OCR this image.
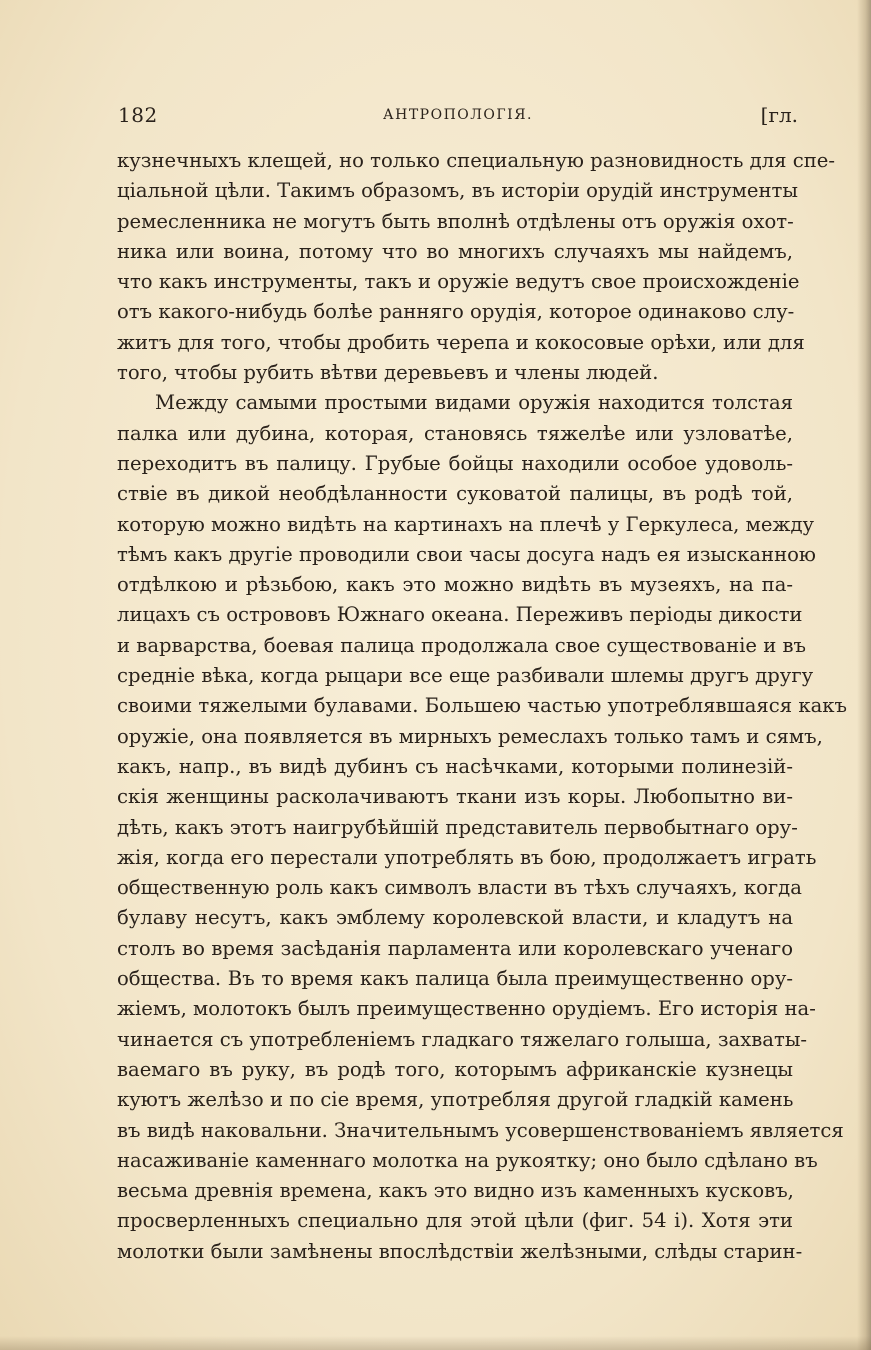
182	АНТРОПОЛОГІЯ.	[гл.
кузнечныхъ клещей, но только специальную разновидность для спе-
ціальной цѣли. Такимъ образомъ, въ исторіи орудій инструменты
ремесленника не могутъ быть вполнѣ отдѣлены отъ оружія охот-
ника или воина, потому что во многихъ случаяхъ мы найдемъ,
что какъ инструменты, такъ и оружіе ведутъ свое происхожденіе
отъ какого-нибудь болѣе ранняго орудія, которое одинаково слу-
житъ для того, чтобы дробить черепа и кокосовые орѣхи, или для
того, чтобы рубить вѣтви деревьевъ и члены людей.
Между самыми простыми видами оружія находится толстая
палка или дубина, которая, становясь тяжелѣе или узловатѣе,
переходитъ въ палицу. Грубые бойцы находили особое удоволь-
ствіе въ дикой необдѣланности суковатой палицы, въ родѣ той,
которую можно видѣть на картинахъ на плечѣ у Геркулеса, между
тѣмъ какъ другіе проводили свои часы досуга надъ ея изысканною
отдѣлкою и рѣзьбою, какъ это можно видѣть въ музеяхъ, на па-
лицахъ съ острововъ Южнаго океана. Переживъ періоды дикости
и варварства, боевая палица продолжала свое существованіе и въ
средніе вѣка, когда рыцари все еще разбивали шлемы другъ другу
своими тяжелыми булавами. Большею частью употреблявшаяся какъ
оружіе, она появляется въ мирныхъ ремеслахъ только тамъ и сямъ,
какъ, напр., въ видѣ дубинъ съ насѣчками, которыми полинезій-
скія женщины расколачиваютъ ткани изъ коры. Любопытно ви-
дѣть, какъ этотъ наигрубѣйшій представитель первобытнаго ору-
жія, когда его перестали употреблять въ бою, продолжаетъ играть
общественную роль какъ символъ власти въ тѣхъ случаяхъ, когда
булаву несутъ, какъ эмблему королевской власти, и кладутъ на
столъ во время засѣданія парламента или королевскаго ученаго
общества. Въ то время какъ палица была преимущественно ору-
жіемъ, молотокъ былъ преимущественно орудіемъ. Его исторія на-
чинается съ употребленіемъ гладкаго тяжелаго голыша, захваты-
ваемаго въ руку, въ родѣ того, которымъ африканскіе кузнецы
куютъ желѣзо и по сіе время, употребляя другой гладкій камень
въ видѣ наковальни. Значительнымъ усовершенствованіемъ является
насаживаніе каменнаго молотка на рукоятку; оно было сдѣлано въ
весьма древнія времена, какъ это видно изъ каменныхъ кусковъ,
просверленныхъ специально для этой цѣли (фиг. 54 і). Хотя эти
молотки были замѣнены впослѣдствіи желѣзными, слѣды старин-
